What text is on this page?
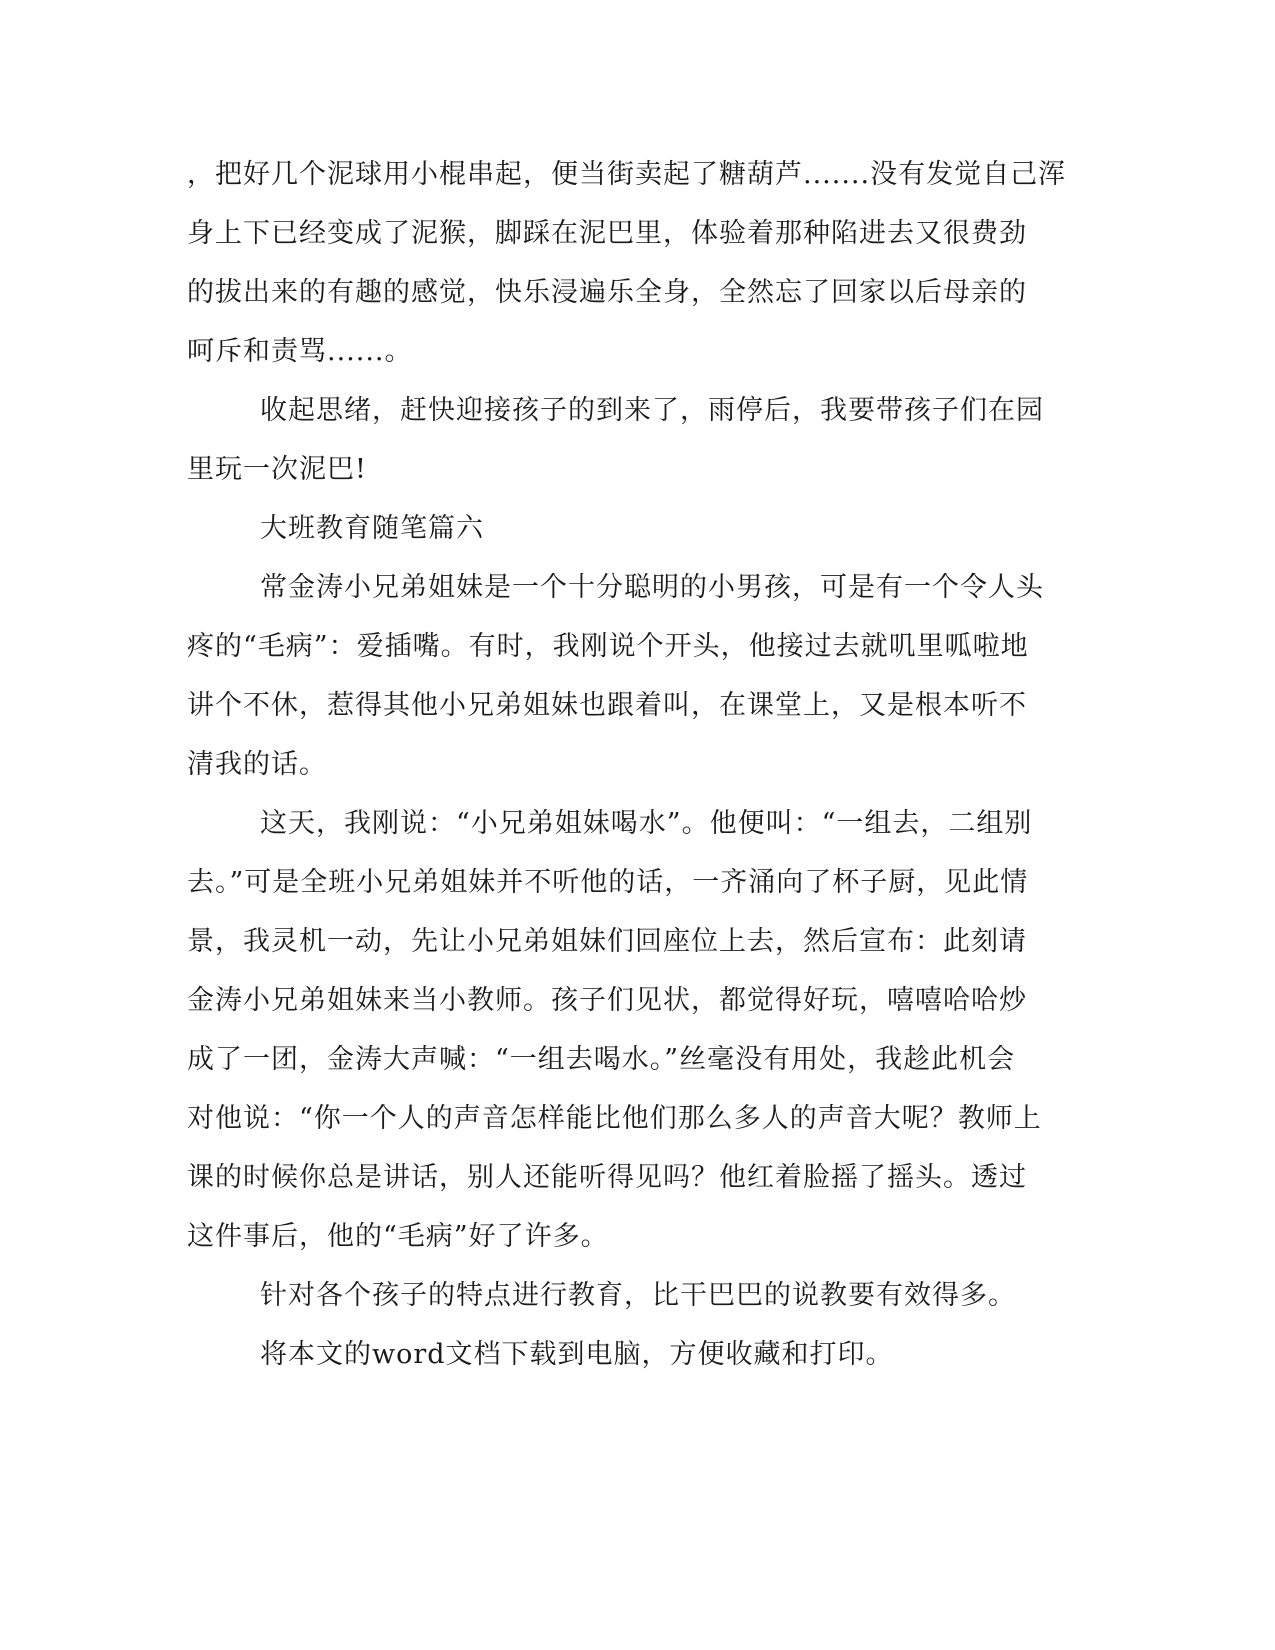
，把好几个泥球用小棍串起，便当街卖起了糖葫芦.......没有发觉自己浑
身上下已经变成了泥猴，脚踩在泥巴里，体验着那种陷进去又很费劲
的拔出来的有趣的感觉，快乐浸遍乐全身，全然忘了回家以后母亲的
呵斥和责骂......。
收起思绪，赶快迎接孩子的到来了，雨停后，我要带孩子们在园
里玩一次泥巴!
大班教育随笔篇六
常金涛小兄弟姐妹是一个十分聪明的小男孩，可是有一个令人头
疼的“毛病”：爱插嘴。有时，我刚说个开头，他接过去就叽里呱啦地
讲个不休，惹得其他小兄弟姐妹也跟着叫，在课堂上，又是根本听不
清我的话。
这天，我刚说：“小兄弟姐妹喝水”。他便叫：“一组去，二组别
去。”可是全班小兄弟姐妹并不听他的话，一齐涌向了杯子厨，见此情
景，我灵机一动，先让小兄弟姐妹们回座位上去，然后宣布：此刻请
金涛小兄弟姐妹来当小教师。孩子们见状，都觉得好玩，嘻嘻哈哈炒
成了一团，金涛大声喊：“一组去喝水。”丝毫没有用处，我趁此机会
对他说：“你一个人的声音怎样能比他们那么多人的声音大呢？教师上
课的时候你总是讲话，别人还能听得见吗？他红着脸摇了摇头。透过
这件事后，他的“毛病”好了许多。
针对各个孩子的特点进行教育，比干巴巴的说教要有效得多。
将本文的word文档下载到电脑，方便收藏和打印。
